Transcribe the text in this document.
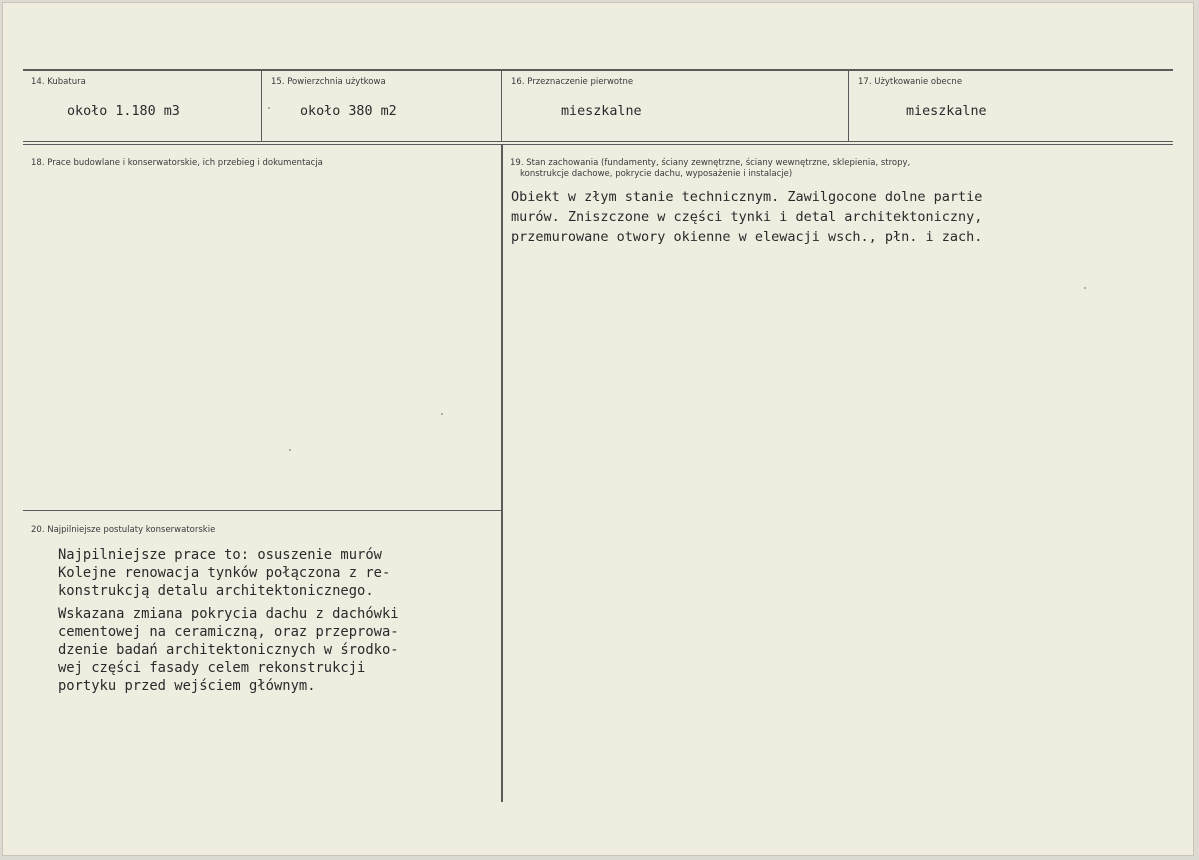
14. Kubatura
około 1.180 m3
15. Powierzchnia użytkowa
około 380 m2
16. Przeznaczenie pierwotne
mieszkalne
17. Użytkowanie obecne
mieszkalne
18. Prace budowlane i konserwatorskie, ich przebieg i dokumentacja	19. Stan zachowania (fundamenty, ściany zewnętrzne, ściany wewnętrzne, sklepienia, stropy,
konstrukcje dachowe, pokrycie dachu, wyposażenie i instalacje)
Obiekt w złym stanie technicznym. Zawilgocone dolne partie
murów. Zniszczone w części tynki i detal architektoniczny,
przemurowane otwory okienne w elewacji wsch., płn. i zach.
20. Najpilniejsze postulaty konserwatorskie
Najpilniejsze prace to: osuszenie murów
Kolejne renowacja tynków połączona z re-
konstrukcją detalu architektonicznego.
Wskazana zmiana pokrycia dachu z dachówki
cementowej na ceramiczną, oraz przeprowa-
dzenie badań architektonicznych w środko-
wej części fasady celem rekonstrukcji
portyku przed wejściem głównym.
